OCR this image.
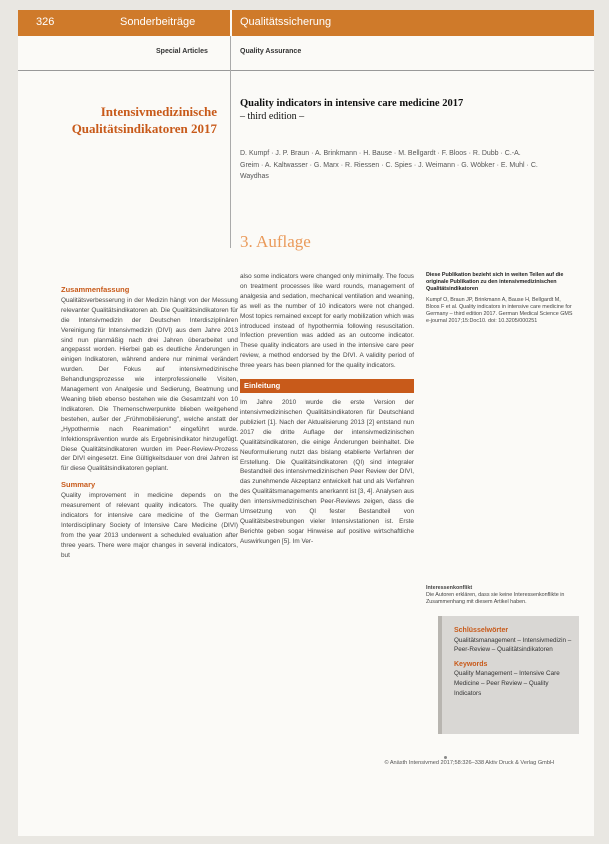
326	Sonderbeiträge	Qualitätssicherung
Special Articles	Quality Assurance
Intensivmedizinische Qualitätsindikatoren 2017
Quality indicators in intensive care medicine 2017
– third edition –
D. Kumpf · J. P. Braun · A. Brinkmann · H. Bause · M. Bellgardt · F. Bloos · R. Dubb · C.-A. Greim · A. Kaltwasser · G. Marx · R. Riessen · C. Spies · J. Weimann · G. Wöbker · E. Muhl · C. Waydhas
3. Auflage
Zusammenfassung
Qualitätsverbesserung in der Medizin hängt von der Messung relevanter Qualitätsindikatoren ab. Die Qualitätsindikatoren für die Intensivmedizin der Deutschen Interdisziplinären Vereinigung für Intensivmedizin (DIVI) aus dem Jahre 2013 sind nun planmäßig nach drei Jahren überarbeitet und angepasst worden. Hierbei gab es deutliche Änderungen in einigen Indikatoren, während andere nur minimal verändert wurden. Der Fokus auf intensivmedizinische Behandlungsprozesse wie interprofessionelle Visiten, Management von Analgesie und Sedierung, Beatmung und Weaning blieb ebenso bestehen wie die Gesamtzahl von 10 Indikatoren. Die Themenschwerpunkte blieben weitgehend bestehen, außer der „Frühmobilisierung", welche anstatt der „Hypothermie nach Reanimation" eingeführt wurde. Infektionsprävention wurde als Ergebnisindikator hinzugefügt. Diese Qualitätsindikatoren wurden im Peer-Review-Prozess der DIVI eingesetzt. Eine Gültigkeitsdauer von drei Jahren ist für diese Qualitätsindikatoren geplant.
Summary
Quality improvement in medicine depends on the measurement of relevant quality indicators. The quality indicators for intensive care medicine of the German Interdisciplinary Society of Intensive Care Medicine (DIVI) from the year 2013 underwent a scheduled evaluation after three years. There were major changes in several indicators, but
also some indicators were changed only minimally. The focus on treatment processes like ward rounds, management of analgesia and sedation, mechanical ventilation and weaning, as well as the number of 10 indicators were not changed. Most topics remained except for early mobilization which was introduced instead of hypothermia following resuscitation. Infection prevention was added as an outcome indicator. These quality indicators are used in the intensive care peer review, a method endorsed by the DIVI. A validity period of three years has been planned for the quality indicators.
Einleitung
Im Jahre 2010 wurde die erste Version der intensivmedizinischen Qualitätsindikatoren für Deutschland publiziert [1]. Nach der Aktualisierung 2013 [2] entstand nun 2017 die dritte Auflage der intensivmedizinischen Qualitätsindikatoren, die einige Änderungen beinhaltet. Die Neuformulierung nutzt das bislang etablierte Verfahren der Erstellung. Die Qualitätsindikatoren (QI) sind integraler Bestandteil des intensivmedizinischen Peer Review der DIVI, das zunehmende Akzeptanz entwickelt hat und als Verfahren des Qualitätsmanagements anerkannt ist [3, 4]. Analysen aus den intensivmedizinischen Peer-Reviews zeigen, dass die Umsetzung von QI fester Bestandteil von Qualitätsbestrebungen vieler Intensivstationen ist. Erste Berichte geben sogar Hinweise auf positive wirtschaftliche Auswirkungen [5]. Im Ver-
Diese Publikation bezieht sich in weiten Teilen auf die originale Publikation zu den intensivmedizinischen Qualitätsindikatoren
Kumpf O, Braun JP, Brinkmann A, Bause H, Bellgardt M, Bloos F et al. Quality indicators in intensive care medicine for Germany – third edition 2017. German Medical Science GMS e-journal 2017;15:Doc10. doi: 10.3205/000251
Interessenkonflikt
Die Autoren erklären, dass sie keine Interessenkonflikte in Zusammenhang mit diesem Artikel haben.
Schlüsselwörter
Qualitätsmanagement – Intensivmedizin – Peer-Review – Qualitätsindikatoren
Keywords
Quality Management – Intensive Care Medicine – Peer Review – Quality Indicators
© Anästh Intensivmed 2017;58:326–338 Aktiv Druck & Verlag GmbH
